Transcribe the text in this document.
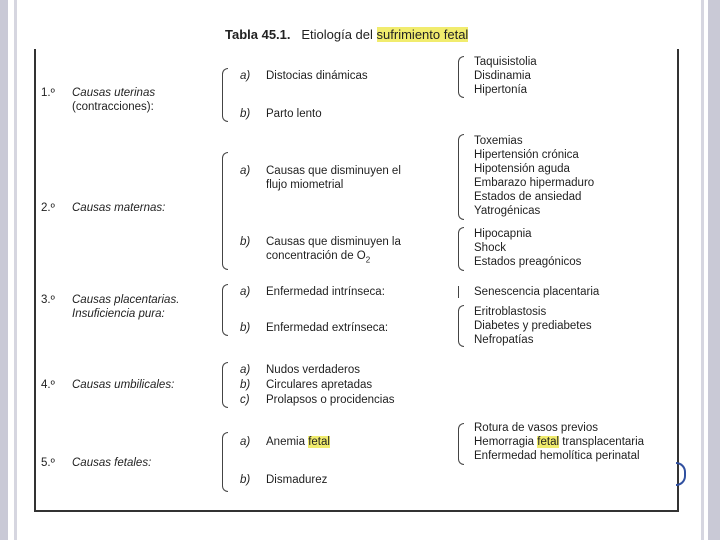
Tabla 45.1. Etiología del sufrimiento fetal
1.º Causas uterinas
(contracciones):
a) Distocias dinámicas
b) Parto lento
Taquisistolia
Disdinamia
Hipertonía
2.º Causas maternas:
a) Causas que disminuyen el
flujo miometrial
Toxemias
Hipertensión crónica
Hipotensión aguda
Embarazo hipermaduro
Estados de ansiedad
Yatrogénicas
b) Causas que disminuyen la
concentración de $O_2$
Hipocapnia
Shock
Estados preagónicos
3.º Causas placentarias.
Insuficiencia pura:
a) Enfermedad intrínseca:	Senescencia placentaria
b) Enfermedad extrínseca:
Eritroblastosis
Diabetes y prediabetes
Nefropatías
4.º Causas umbilicales:
a) Nudos verdaderos
b) Circulares apretadas
c) Prolapsos o procidencias
5.º Causas fetales:
a) Anemia fetal
Rotura de vasos previos
Hemorragia fetal transplacentaria
Enfermedad hemolítica perinatal
b) Dismadurez
